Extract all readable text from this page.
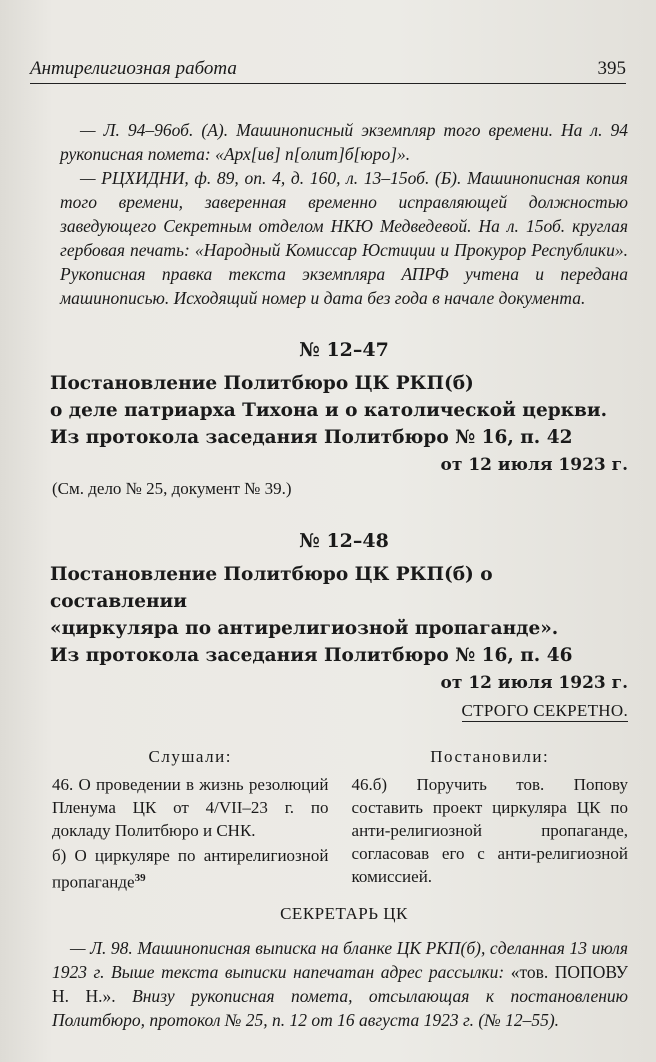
Антирелигиозная работа	395

— Л. 94–96об. (А). Машинописный экземпляр того времени. На л. 94 рукописная помета: «Арх[ив] п[олит]б[юро]».

— РЦХИДНИ, ф. 89, оп. 4, д. 160, л. 13–15об. (Б). Машинописная копия того времени, заверенная временно исправляющей должностью заведующего Секретным отделом НКЮ Медведевой. На л. 15об. круглая гербовая печать: «Народный Комиссар Юстиции и Прокурор Республики». Рукописная правка текста экземпляра АПРФ учтена и передана машинописью. Исходящий номер и дата без года в начале документа.

№ 12–47
Постановление Политбюро ЦК РКП(б)
о деле патриарха Тихона и о католической церкви.
Из протокола заседания Политбюро № 16, п. 42
от 12 июля 1923 г.
(См. дело № 25, документ № 39.)
№ 12–48
Постановление Политбюро ЦК РКП(б) о составлении
«циркуляра по антирелигиозной пропаганде».
Из протокола заседания Политбюро № 16, п. 46
от 12 июля 1923 г.
СТРОГО СЕКРЕТНО.
Слушали:

46. О проведении в жизнь резолюций Пленума ЦК от 4/VII–23 г. по докладу Политбюро и СНК.

б) О циркуляре по антирелигиозной пропаганде$^{39}$

Постановили:

46.б) Поручить тов. Попову составить проект циркуляра ЦК по анти-религиозной пропаганде, согласовав его с анти-религиозной комиссией.

СЕКРЕТАРЬ ЦК

— Л. 98. Машинописная выписка на бланке ЦК РКП(б), сделанная 13 июля 1923 г. Выше текста выписки напечатан адрес рассылки: «тов. ПОПОВУ Н. Н.». Внизу рукописная помета, отсылающая к постановлению Политбюро, протокол № 25, п. 12 от 16 августа 1923 г. (№ 12–55).
